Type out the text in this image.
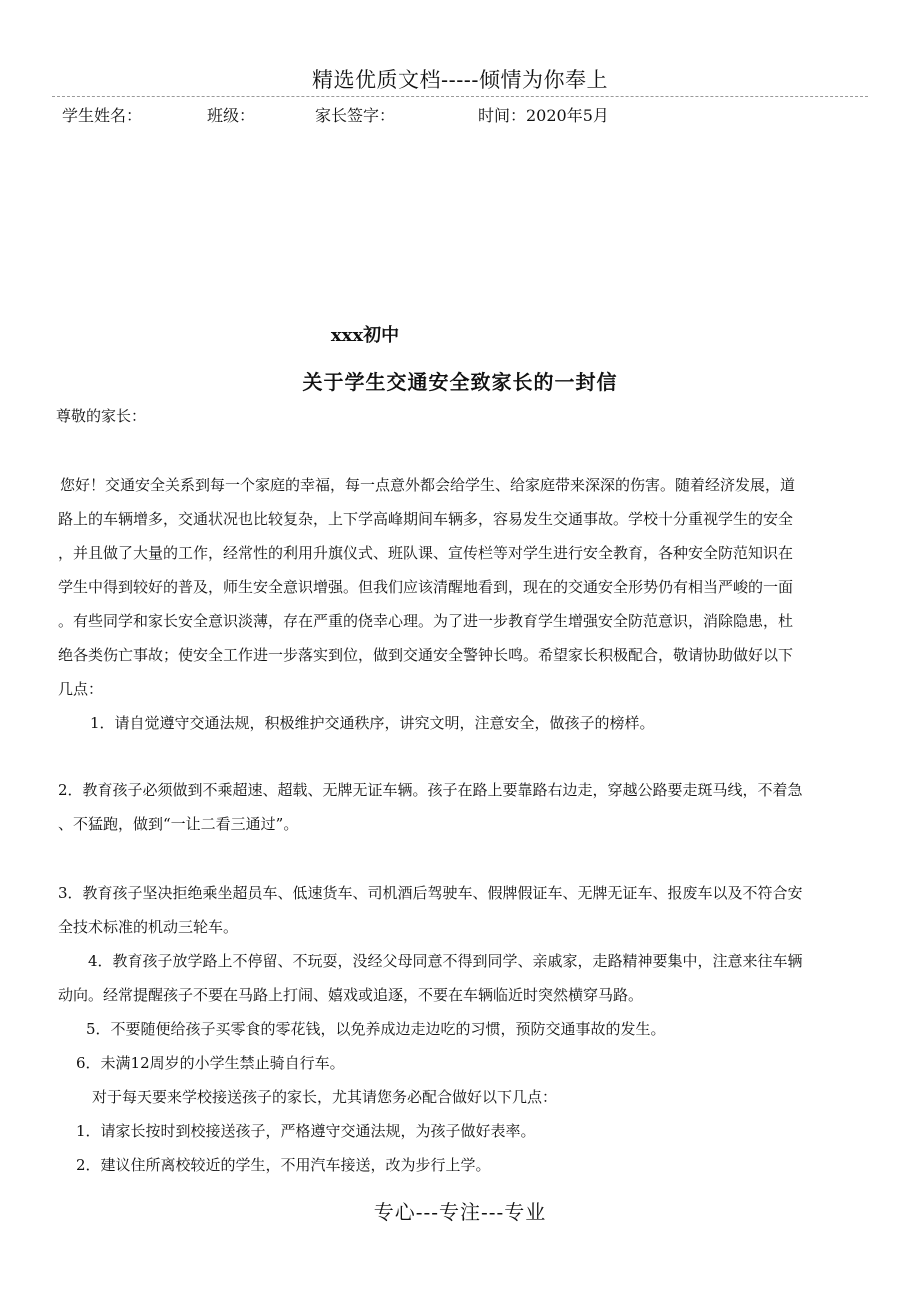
精选优质文档-----倾情为你奉上
学生姓名：	班级：	家长签字：	时间：2020年5月
xxx初中
关于学生交通安全致家长的一封信
尊敬的家长：
您好！交通安全关系到每一个家庭的幸福，每一点意外都会给学生、给家庭带来深深的伤害。随着经济发展，道
路上的车辆增多，交通状况也比较复杂，上下学高峰期间车辆多，容易发生交通事故。学校十分重视学生的安全
，并且做了大量的工作，经常性的利用升旗仪式、班队课、宣传栏等对学生进行安全教育，各种安全防范知识在
学生中得到较好的普及，师生安全意识增强。但我们应该清醒地看到，现在的交通安全形势仍有相当严峻的一面
。有些同学和家长安全意识淡薄，存在严重的侥幸心理。为了进一步教育学生增强安全防范意识，消除隐患，杜
绝各类伤亡事故；使安全工作进一步落实到位，做到交通安全警钟长鸣。希望家长积极配合，敬请协助做好以下
几点：
1．请自觉遵守交通法规，积极维护交通秩序，讲究文明，注意安全，做孩子的榜样。
2．教育孩子必须做到不乘超速、超载、无牌无证车辆。孩子在路上要靠路右边走，穿越公路要走斑马线，不着急
、不猛跑，做到“一让二看三通过”。
3．教育孩子坚决拒绝乘坐超员车、低速货车、司机酒后驾驶车、假牌假证车、无牌无证车、报废车以及不符合安
全技术标准的机动三轮车。
4．教育孩子放学路上不停留、不玩耍，没经父母同意不得到同学、亲戚家，走路精神要集中，注意来往车辆
动向。经常提醒孩子不要在马路上打闹、嬉戏或追逐，不要在车辆临近时突然横穿马路。
5．不要随便给孩子买零食的零花钱，以免养成边走边吃的习惯，预防交通事故的发生。
6．未满12周岁的小学生禁止骑自行车。
对于每天要来学校接送孩子的家长，尤其请您务必配合做好以下几点：
1．请家长按时到校接送孩子，严格遵守交通法规，为孩子做好表率。
2．建议住所离校较近的学生，不用汽车接送，改为步行上学。
专心---专注---专业
